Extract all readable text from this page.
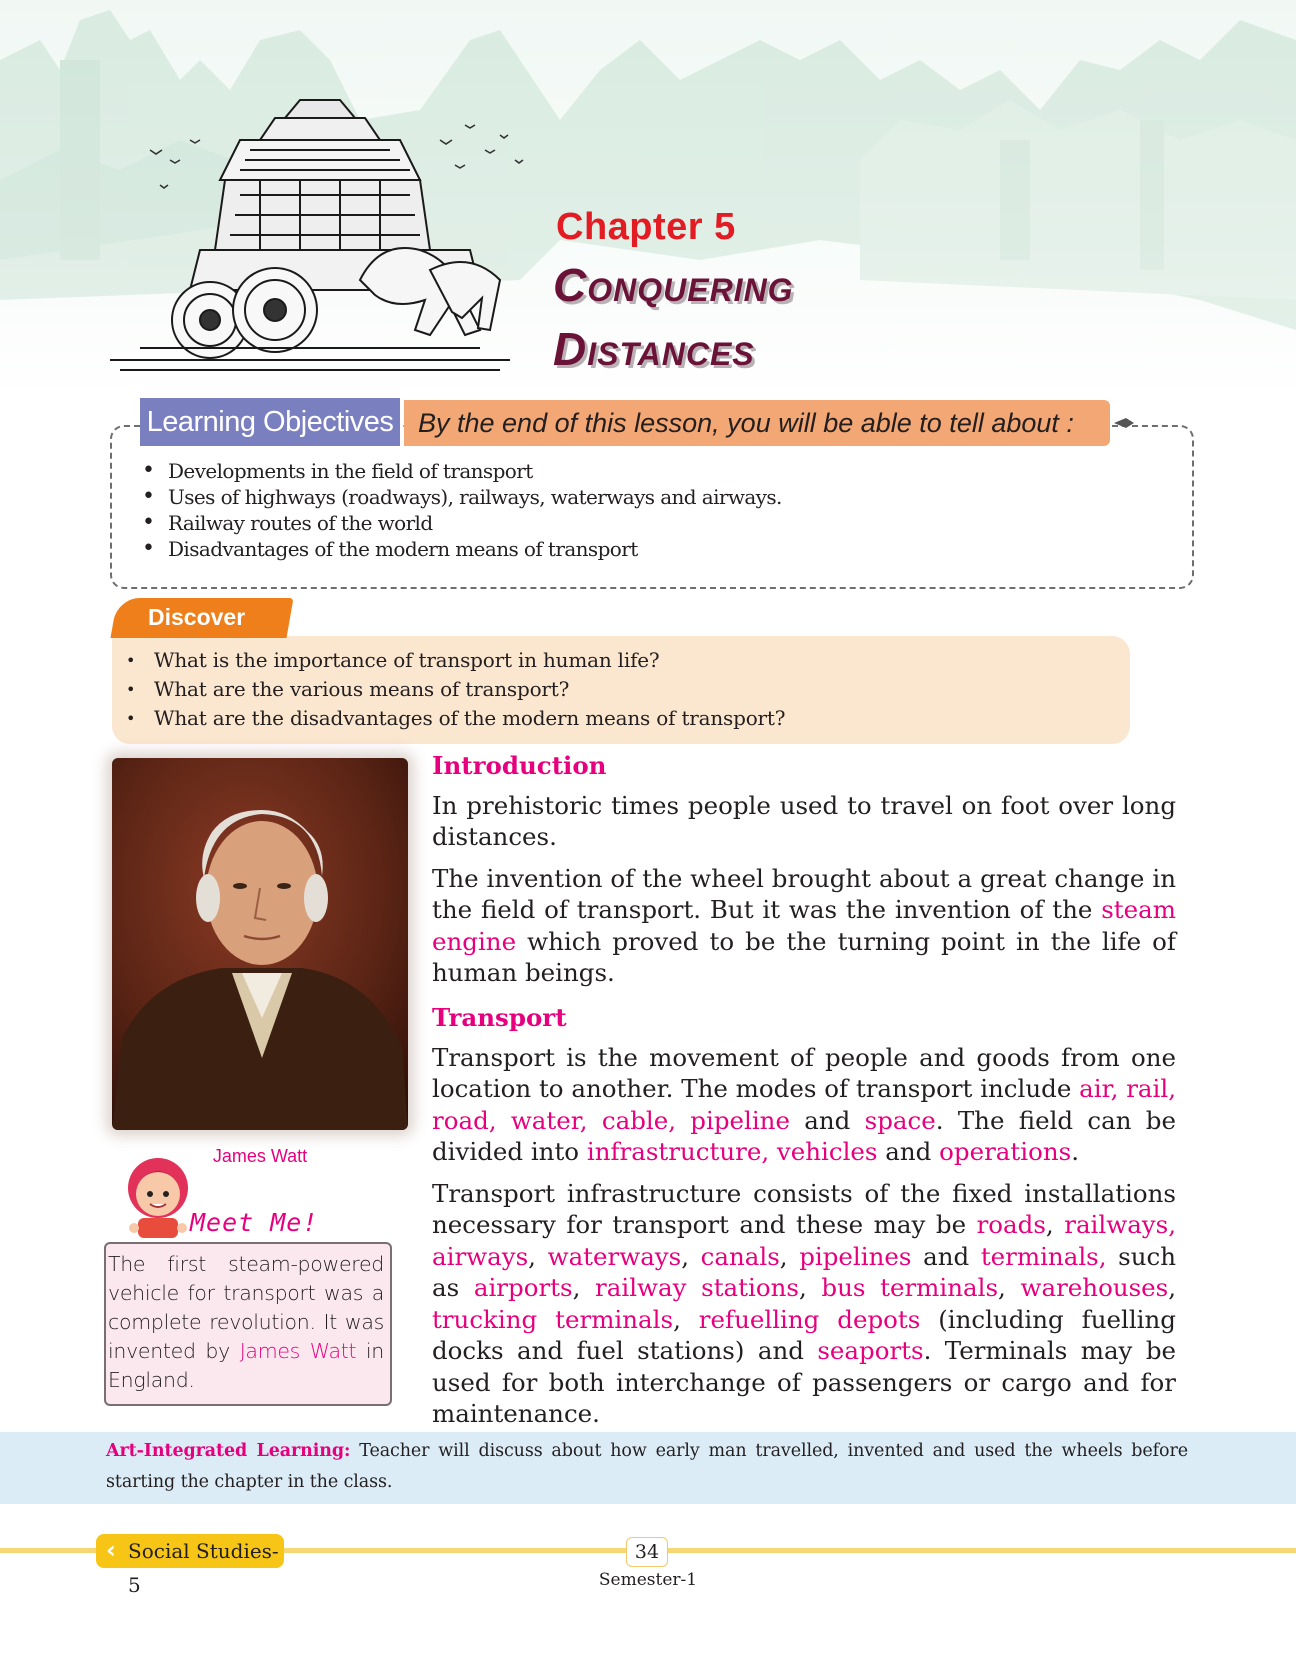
Chapter 5
Conquering
Distances
Learning Objectives By the end of this lesson, you will be able to tell about :
• Developments in the field of transport
• Uses of highways (roadways), railways, waterways and airways.
• Railway routes of the world
• Disadvantages of the modern means of transport
Discover
• What is the importance of transport in human life?
• What are the various means of transport?
• What are the disadvantages of the modern means of transport?
James Watt
Meet Me!
The first steam-powered vehicle for transport was a complete revolution. It was invented by James Watt in England.
Introduction

In prehistoric times people used to travel on foot over long distances.

The invention of the wheel brought about a great change in the field of transport. But it was the invention of the steam engine which proved to be the turning point in the life of human beings.

Transport

Transport is the movement of people and goods from one location to another. The modes of transport include air, rail, road, water, cable, pipeline and space. The field can be divided into infrastructure, vehicles and operations.

Transport infrastructure consists of the fixed installations necessary for transport and these may be roads, railways, airways, waterways, canals, pipelines and terminals, such as airports, railway stations, bus terminals, warehouses, trucking terminals, refuelling depots (including fuelling docks and fuel stations) and seaports. Terminals may be used for both interchange of passengers or cargo and for maintenance.

Art-Integrated Learning: Teacher will discuss about how early man travelled, invented and used the wheels before starting the chapter in the class.
Social Studies-5
‹	34
Semester-1
